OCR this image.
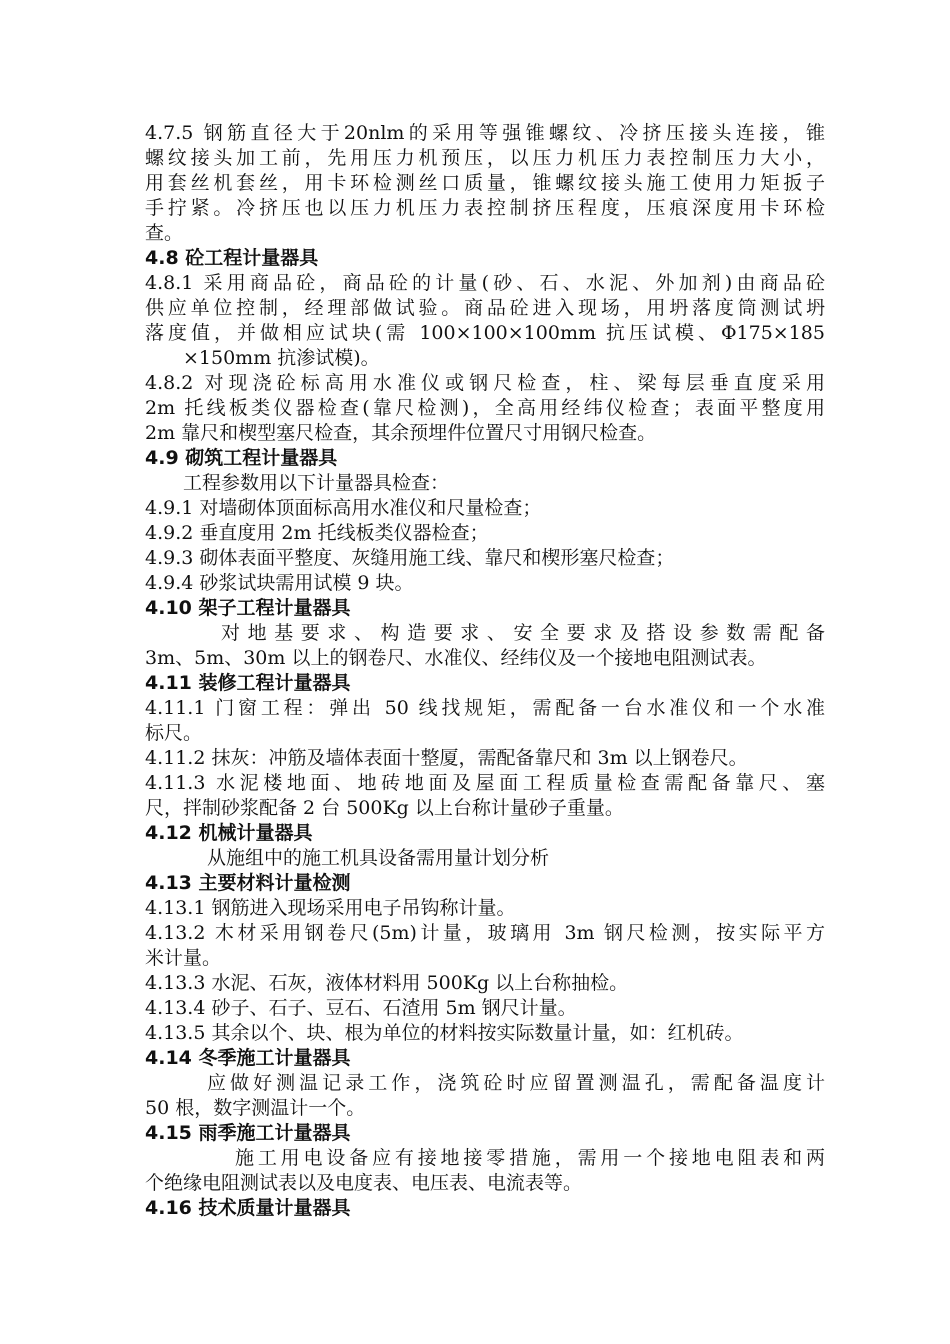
4.7.5 钢筋直径大于20nlm的采用等强锥螺纹、冷挤压接头连接，锥
螺纹接头加工前，先用压力机预压，以压力机压力表控制压力大小，
用套丝机套丝，用卡环检测丝口质量，锥螺纹接头施工使用力矩扳子
手拧紧。冷挤压也以压力机压力表控制挤压程度，压痕深度用卡环检
查。
4.8 砼工程计量器具
4.8.1 采用商品砼，商品砼的计量(砂、石、水泥、外加剂)由商品砼
供应单位控制，经理部做试验。商品砼进入现场，用坍落度筒测试坍
落度值，并做相应试块(需 100×100×100mm 抗压试模、Φ175×185
×150mm 抗渗试模)。
4.8.2 对现浇砼标高用水准仪或钢尺检查，柱、梁每层垂直度采用
2m 托线板类仪器检查(靠尺检测)，全高用经纬仪检查；表面平整度用
2m 靠尺和楔型塞尺检查，其余预埋件位置尺寸用钢尺检查。
4.9 砌筑工程计量器具
工程参数用以下计量器具检查：
4.9.1 对墙砌体顶面标高用水准仪和尺量检查；
4.9.2 垂直度用 2m 托线板类仪器检查；
4.9.3 砌体表面平整度、灰缝用施工线、靠尺和楔形塞尺检查；
4.9.4 砂浆试块需用试模 9 块。
4.10 架子工程计量器具
对地基要求、构造要求、安全要求及搭设参数需配备
3m、5m、30m 以上的钢卷尺、水准仪、经纬仪及一个接地电阻测试表。
4.11 装修工程计量器具
4.11.1 门窗工程：弹出 50 线找规矩，需配备一台水准仪和一个水准
标尺。
4.11.2 抹灰：冲筋及墙体表面十整厦，需配备靠尺和 3m 以上钢卷尺。
4.11.3 水泥楼地面、地砖地面及屋面工程质量检查需配备靠尺、塞
尺，拌制砂浆配备 2 台 500Kg 以上台称计量砂子重量。
4.12 机械计量器具
从施组中的施工机具设备需用量计划分析
4.13 主要材料计量检测
4.13.1 钢筋进入现场采用电子吊钩称计量。
4.13.2 木材采用钢卷尺(5m)计量，玻璃用 3m 钢尺检测，按实际平方
米计量。
4.13.3 水泥、石灰，液体材料用 500Kg 以上台称抽检。
4.13.4 砂子、石子、豆石、石渣用 5m 钢尺计量。
4.13.5 其余以个、块、根为单位的材料按实际数量计量，如：红机砖。
4.14 冬季施工计量器具
应做好测温记录工作，浇筑砼时应留置测温孔，需配备温度计
50 根，数字测温计一个。
4.15 雨季施工计量器具
施工用电设备应有接地接零措施，需用一个接地电阻表和两
个绝缘电阻测试表以及电度表、电压表、电流表等。
4.16 技术质量计量器具
